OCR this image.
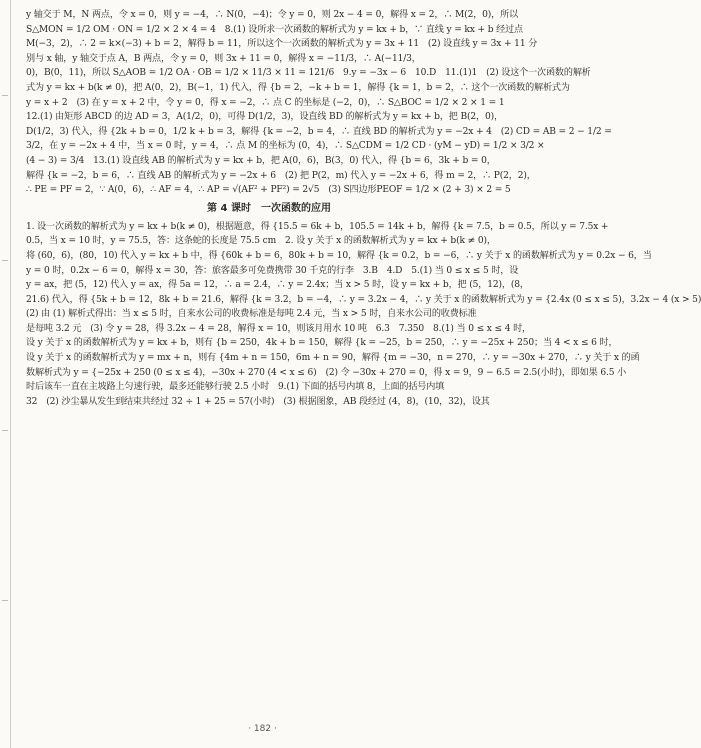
y 轴交于 M，N 两点，令 x = 0，则 y = −4，∴ N(0，−4)；令 y = 0，则 2x − 4 = 0，解得 x = 2，∴ M(2，0)，所以
S△MON = 1/2 OM · ON = 1/2 × 2 × 4 = 4　8.(1) 设所求一次函数的解析式为 y = kx + b，∵ 直线 y = kx + b 经过点
M(−3，2)，∴ 2 = k×(−3) + b = 2，解得 b = 11，所以这个一次函数的解析式为 y = 3x + 11　(2) 设直线 y = 3x + 11 分
别与 x 轴，y 轴交于点 A，B 两点，令 y = 0，则 3x + 11 = 0，解得 x = −11/3，∴ A(−11/3，
0)，B(0，11)，所以 S△AOB = 1/2 OA · OB = 1/2 × 11/3 × 11 = 121/6　9.y = −3x − 6　10.D　11.(1)1　(2) 设这个一次函数的解析
式为 y = kx + b(k ≠ 0)，把 A(0，2)，B(−1，1) 代入，得 {b = 2，−k + b = 1，解得 {k = 1，b = 2，∴ 这个一次函数的解析式为
y = x + 2　(3) 在 y = x + 2 中，令 y = 0，得 x = −2，∴ 点 C 的坐标是 (−2，0)，∴ S△BOC = 1/2 × 2 × 1 = 1
12.(1) 由矩形 ABCD 的边 AD = 3，A(1/2，0)，可得 D(1/2，3)，设直线 BD 的解析式为 y = kx + b，把 B(2，0)，
D(1/2，3) 代入，得 {2k + b = 0，1/2 k + b = 3，解得 {k = −2，b = 4，∴ 直线 BD 的解析式为 y = −2x + 4　(2) CD = AB = 2 − 1/2 =
3/2，在 y = −2x + 4 中，当 x = 0 时，y = 4，∴ 点 M 的坐标为 (0，4)，∴ S△CDM = 1/2 CD · (yM − yD) = 1/2 × 3/2 ×
(4 − 3) = 3/4　13.(1) 设直线 AB 的解析式为 y = kx + b，把 A(0，6)，B(3，0) 代入，得 {b = 6，3k + b = 0，
解得 {k = −2，b = 6，∴ 直线 AB 的解析式为 y = −2x + 6　(2) 把 P(2，m) 代入 y = −2x + 6，得 m = 2，∴ P(2，2)，
∴ PE = PF = 2，∵ A(0，6)，∴ AF = 4，∴ AP = √(AF² + PF²) = 2√5　(3) S四边形PEOF = 1/2 × (2 + 3) × 2 = 5
第 4 课时　一次函数的应用
1. 设一次函数的解析式为 y = kx + b(k ≠ 0)，根据题意，得 {15.5 = 6k + b，105.5 = 14k + b，解得 {k = 7.5，b = 0.5，所以 y = 7.5x +
0.5，当 x = 10 时，y = 75.5，答：这条蛇的长度是 75.5 cm　2. 设 y 关于 x 的函数解析式为 y = kx + b(k ≠ 0)，
将 (60，6)，(80，10) 代入 y = kx + b 中，得 {60k + b = 6，80k + b = 10，解得 {k = 0.2，b = −6，∴ y 关于 x 的函数解析式为 y = 0.2x − 6，当
y = 0 时，0.2x − 6 = 0，解得 x = 30，答：旅客最多可免费携带 30 千克的行李　3.B　4.D　5.(1) 当 0 ≤ x ≤ 5 时，设
y = ax，把 (5，12) 代入 y = ax，得 5a = 12，∴ a = 2.4，∴ y = 2.4x；当 x > 5 时，设 y = kx + b，把 (5，12)，(8，
21.6) 代入，得 {5k + b = 12，8k + b = 21.6，解得 {k = 3.2，b = −4，∴ y = 3.2x − 4，∴ y 关于 x 的函数解析式为 y = {2.4x (0 ≤ x ≤ 5)，3.2x − 4 (x > 5)
(2) 由 (1) 解析式得出：当 x ≤ 5 时，自来水公司的收费标准是每吨 2.4 元，当 x > 5 时，自来水公司的收费标准
是每吨 3.2 元　(3) 令 y = 28，得 3.2x − 4 = 28，解得 x = 10，则该月用水 10 吨　6.3　7.350　8.(1) 当 0 ≤ x ≤ 4 时，
设 y 关于 x 的函数解析式为 y = kx + b，则有 {b = 250，4k + b = 150，解得 {k = −25，b = 250，∴ y = −25x + 250；当 4 < x ≤ 6 时，
设 y 关于 x 的函数解析式为 y = mx + n，则有 {4m + n = 150，6m + n = 90，解得 {m = −30，n = 270，∴ y = −30x + 270，∴ y 关于 x 的函
数解析式为 y = {−25x + 250 (0 ≤ x ≤ 4)，−30x + 270 (4 < x ≤ 6)　(2) 令 −30x + 270 = 0，得 x = 9，9 − 6.5 = 2.5(小时)，即如果 6.5 小
时后该车一直在主坡路上匀速行驶，最多还能够行驶 2.5 小时　9.(1) 下面的括号内填 8，上面的括号内填
32　(2) 沙尘暴从发生到结束共经过 32 ÷ 1 + 25 = 57(小时)　(3) 根据图象，AB 段经过 (4，8)，(10，32)，设其
· 182 ·
